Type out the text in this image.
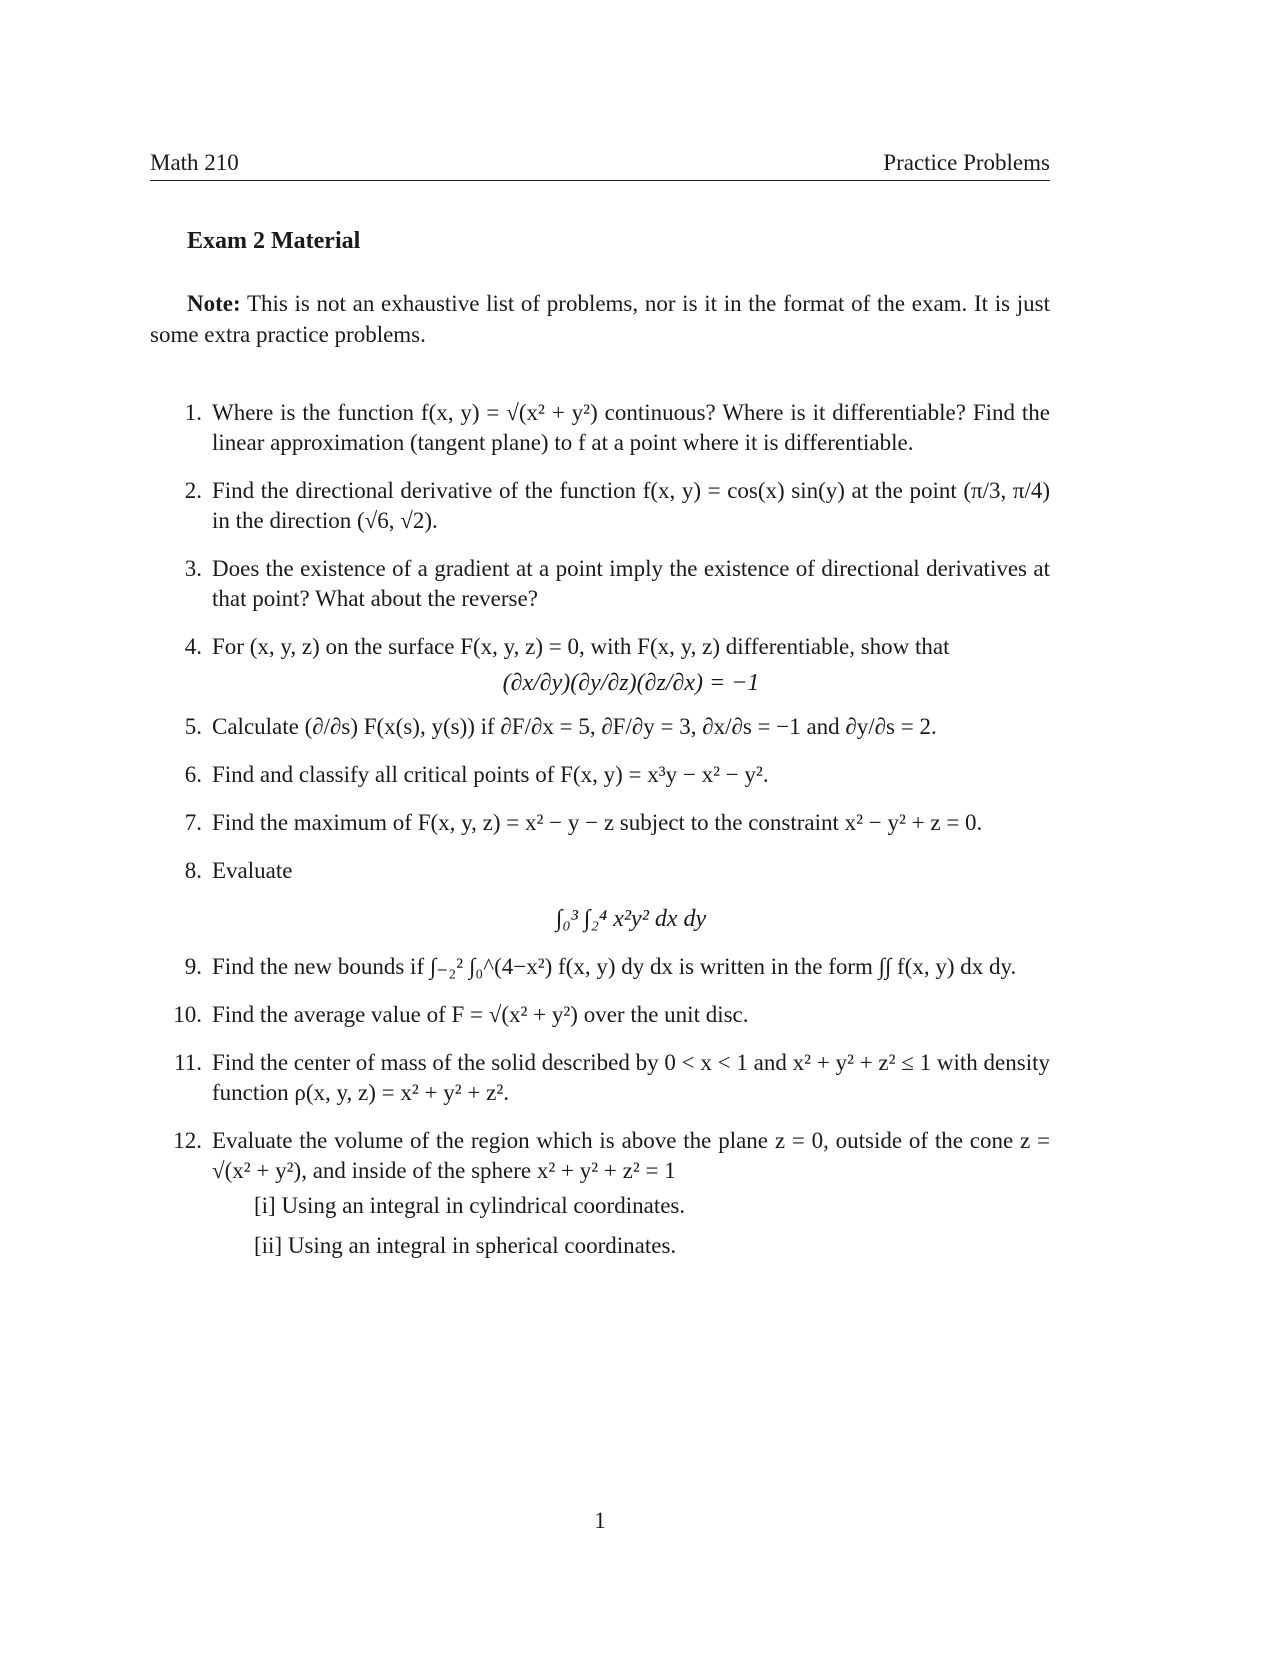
Math 210	Practice Problems
Exam 2 Material
Note: This is not an exhaustive list of problems, nor is it in the format of the exam. It is just some extra practice problems.
1. Where is the function f(x, y) = √(x² + y²) continuous? Where is it differentiable? Find the linear approximation (tangent plane) to f at a point where it is differentiable.
2. Find the directional derivative of the function f(x, y) = cos(x) sin(y) at the point (π/3, π/4) in the direction (√6, √2).
3. Does the existence of a gradient at a point imply the existence of directional derivatives at that point? What about the reverse?
4. For (x, y, z) on the surface F(x, y, z) = 0, with F(x, y, z) differentiable, show that
(∂x/∂y)(∂y/∂z)(∂z/∂x) = −1
5. Calculate (∂/∂s) F(x(s), y(s)) if ∂F/∂x = 5, ∂F/∂y = 3, ∂x/∂s = −1 and ∂y/∂s = 2.
6. Find and classify all critical points of F(x, y) = x³y − x² − y².
7. Find the maximum of F(x, y, z) = x² − y − z subject to the constraint x² − y² + z = 0.
8. Evaluate
∫₀³ ∫₂⁴ x²y² dx dy
9. Find the new bounds if ∫₋₂² ∫₀^(4−x²) f(x, y) dy dx is written in the form ∫∫ f(x, y) dx dy.
10. Find the average value of F = √(x² + y²) over the unit disc.
11. Find the center of mass of the solid described by 0 < x < 1 and x² + y² + z² ≤ 1 with density function ρ(x, y, z) = x² + y² + z².
12. Evaluate the volume of the region which is above the plane z = 0, outside of the cone z = √(x² + y²), and inside of the sphere x² + y² + z² = 1
[i] Using an integral in cylindrical coordinates.
[ii] Using an integral in spherical coordinates.
1
